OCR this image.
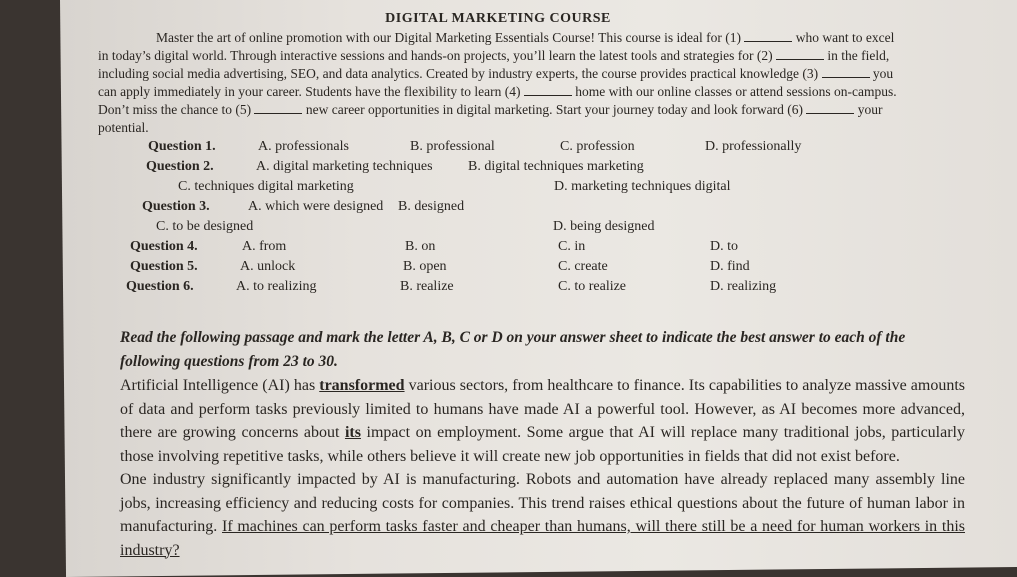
DIGITAL MARKETING COURSE
Master the art of online promotion with our Digital Marketing Essentials Course! This course is ideal for (1)	who want to excel in today’s digital world. Through interactive sessions and hands-on projects, you’ll learn the latest tools and strategies for (2)	in the field, including social media advertising, SEO, and data analytics. Created by industry experts, the course provides practical knowledge (3)	you can apply immediately in your career. Students have the flexibility to learn (4)	home with our online classes or attend sessions on-campus. Don’t miss the chance to (5)	new career opportunities in digital marketing. Start your journey today and look forward (6)	your potential.
Question 1.	A. professionals	B. professional	C. profession	D. professionally
Question 2.	A. digital marketing techniques	B. digital techniques marketing
C. techniques digital marketing	D. marketing techniques digital
Question 3.	A. which were designed B. designed
C. to be designed	D. being designed
Question 4.	A. from	B. on	C. in	D. to
Question 5.	A. unlock	B. open	C. create	D. find
Question 6.	A. to realizing	B. realize	C. to realize	D. realizing
Read the following passage and mark the letter A, B, C or D on your answer sheet to indicate the best answer to each of the following questions from 23 to 30.
Artificial Intelligence (AI) has transformed various sectors, from healthcare to finance. Its capabilities to analyze massive amounts of data and perform tasks previously limited to humans have made AI a powerful tool. However, as AI becomes more advanced, there are growing concerns about its impact on employment. Some argue that AI will replace many traditional jobs, particularly those involving repetitive tasks, while others believe it will create new job opportunities in fields that did not exist before.
One industry significantly impacted by AI is manufacturing. Robots and automation have already replaced many assembly line jobs, increasing efficiency and reducing costs for companies. This trend raises ethical questions about the future of human labor in manufacturing. If machines can perform tasks faster and cheaper than humans, will there still be a need for human workers in this industry?
